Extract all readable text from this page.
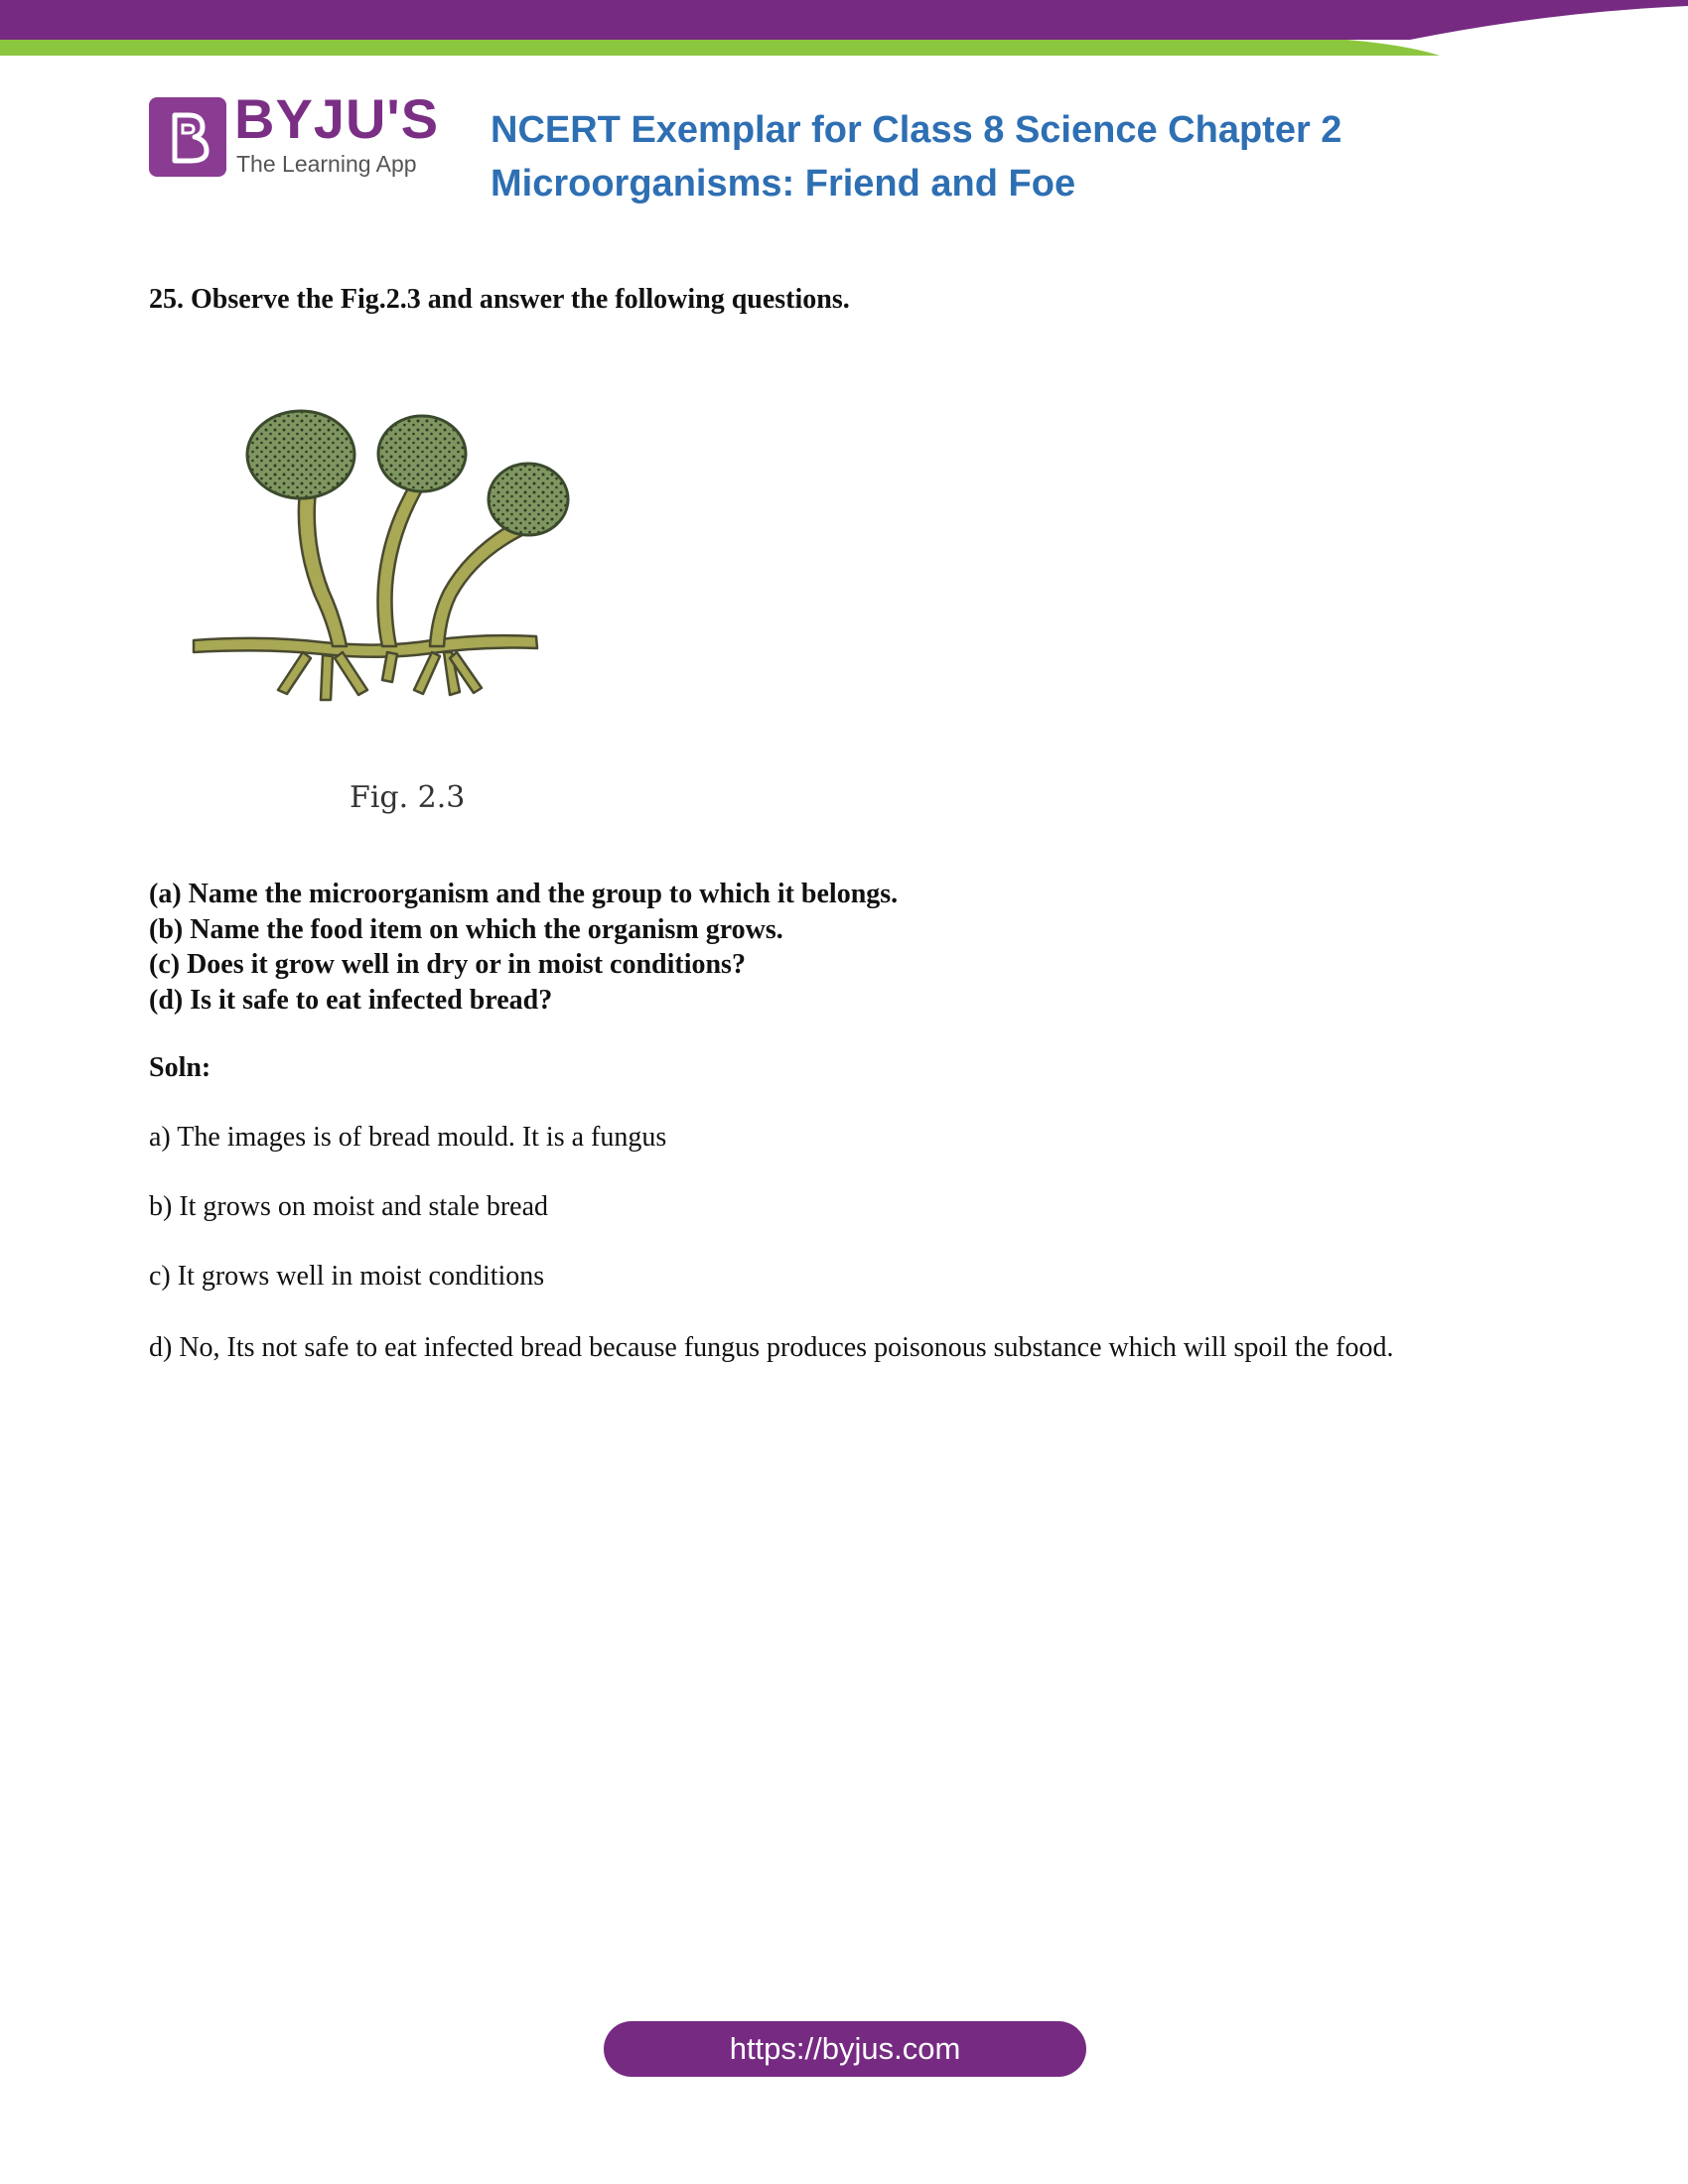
BYJU'S
The Learning App
NCERT Exemplar for Class 8 Science Chapter 2
Microorganisms: Friend and Foe
25. Observe the Fig.2.3 and answer the following questions.
Fig. 2.3
(a) Name the microorganism and the group to which it belongs.
(b) Name the food item on which the organism grows.
(c) Does it grow well in dry or in moist conditions?
(d) Is it safe to eat infected bread?
Soln:
a) The images is of bread mould. It is a fungus
b) It grows on moist and stale bread
c) It grows well in moist conditions
d) No, Its not safe to eat infected bread because fungus produces poisonous substance which will spoil the food.
https://byjus.com
